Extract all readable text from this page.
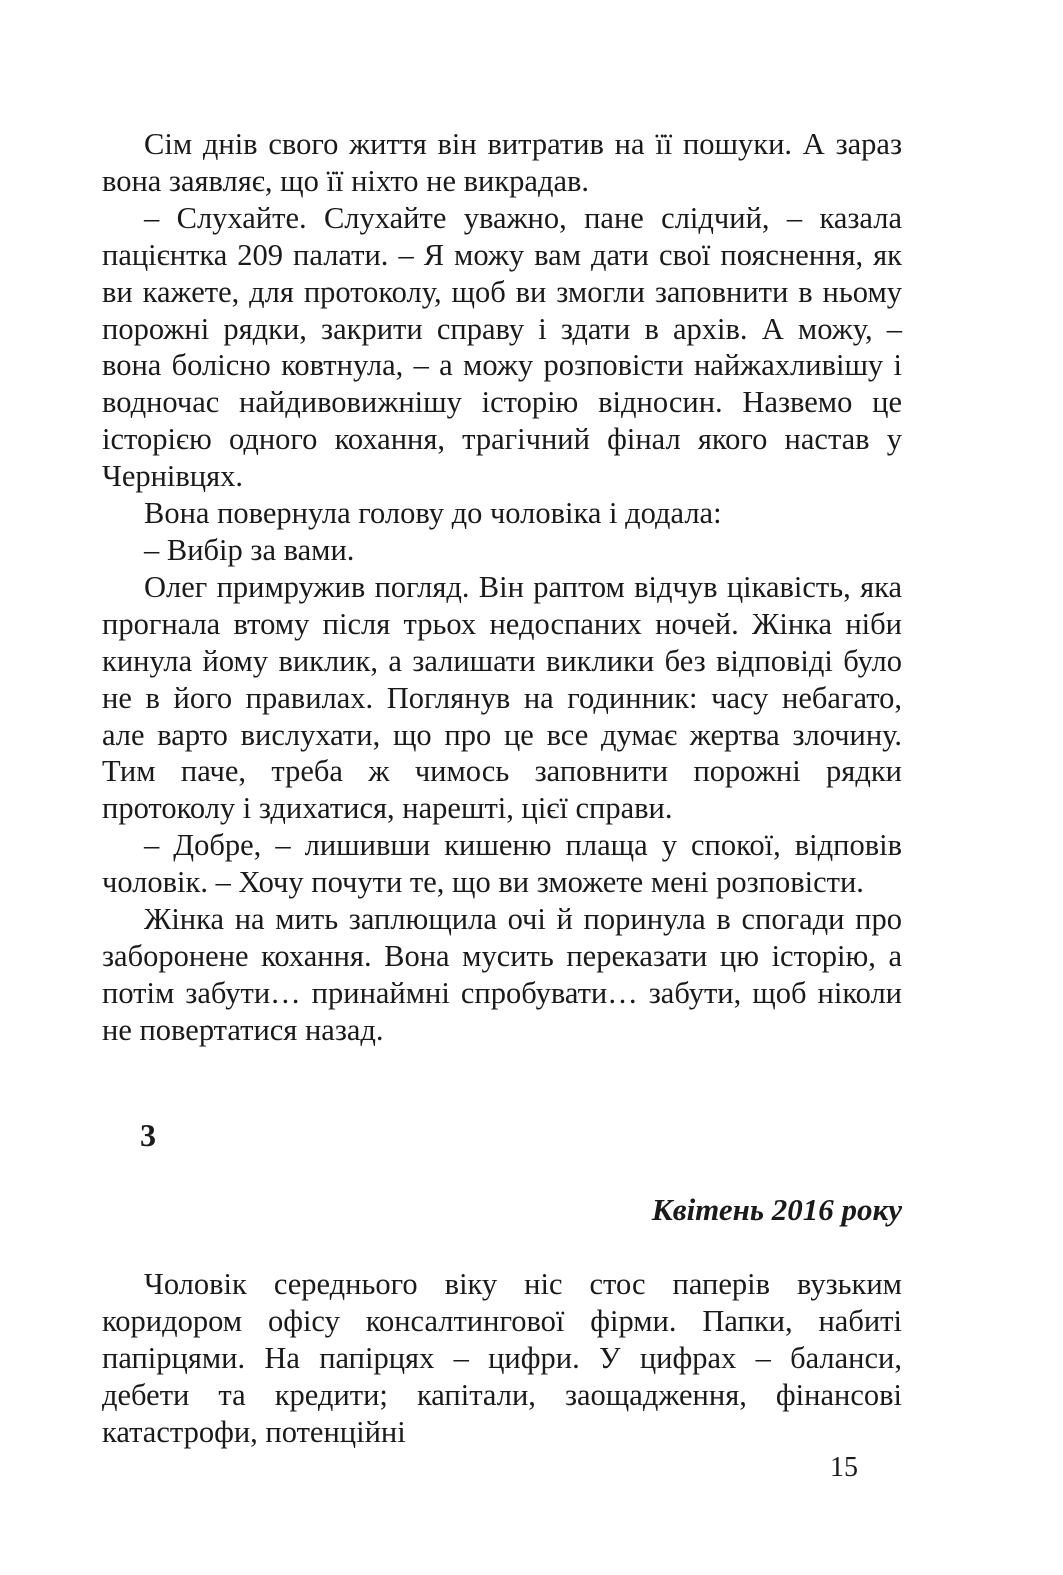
Сім днів свого життя він витратив на її пошуки. А зараз вона заявляє, що її ніхто не викрадав.

– Слухайте. Слухайте уважно, пане слідчий, – казала пацієнтка 209 палати. – Я можу вам дати свої пояснення, як ви кажете, для протоколу, щоб ви змогли заповнити в ньому порожні рядки, закрити справу і здати в архів. А можу, – вона болісно ковтнула, – а можу розповісти найжахливішу і водночас найдивовижнішу історію відносин. Назвемо це історією одного кохання, трагічний фінал якого настав у Чернівцях.

Вона повернула голову до чоловіка і додала:

– Вибір за вами.

Олег примружив погляд. Він раптом відчув цікавість, яка прогнала втому після трьох недоспаних ночей. Жінка ніби кинула йому виклик, а залишати виклики без відповіді було не в його правилах. Поглянув на годинник: часу небагато, але варто вислухати, що про це все думає жертва злочину. Тим паче, треба ж чимось заповнити порожні рядки протоколу і здихатися, нарешті, цієї справи.

– Добре, – лишивши кишеню плаща у спокої, відповів чоловік. – Хочу почути те, що ви зможете мені розповісти.

Жінка на мить заплющила очі й поринула в спогади про заборонене кохання. Вона мусить переказати цю історію, а потім забути… принаймні спробувати… забути, щоб ніколи не повертатися назад.

3
Квітень 2016 року

Чоловік середнього віку ніс стос паперів вузьким коридором офісу консалтингової фірми. Папки, набиті папірцями. На папірцях – цифри. У цифрах – баланси, дебети та кредити; капітали, заощадження, фінансові катастрофи, потенційні

15
